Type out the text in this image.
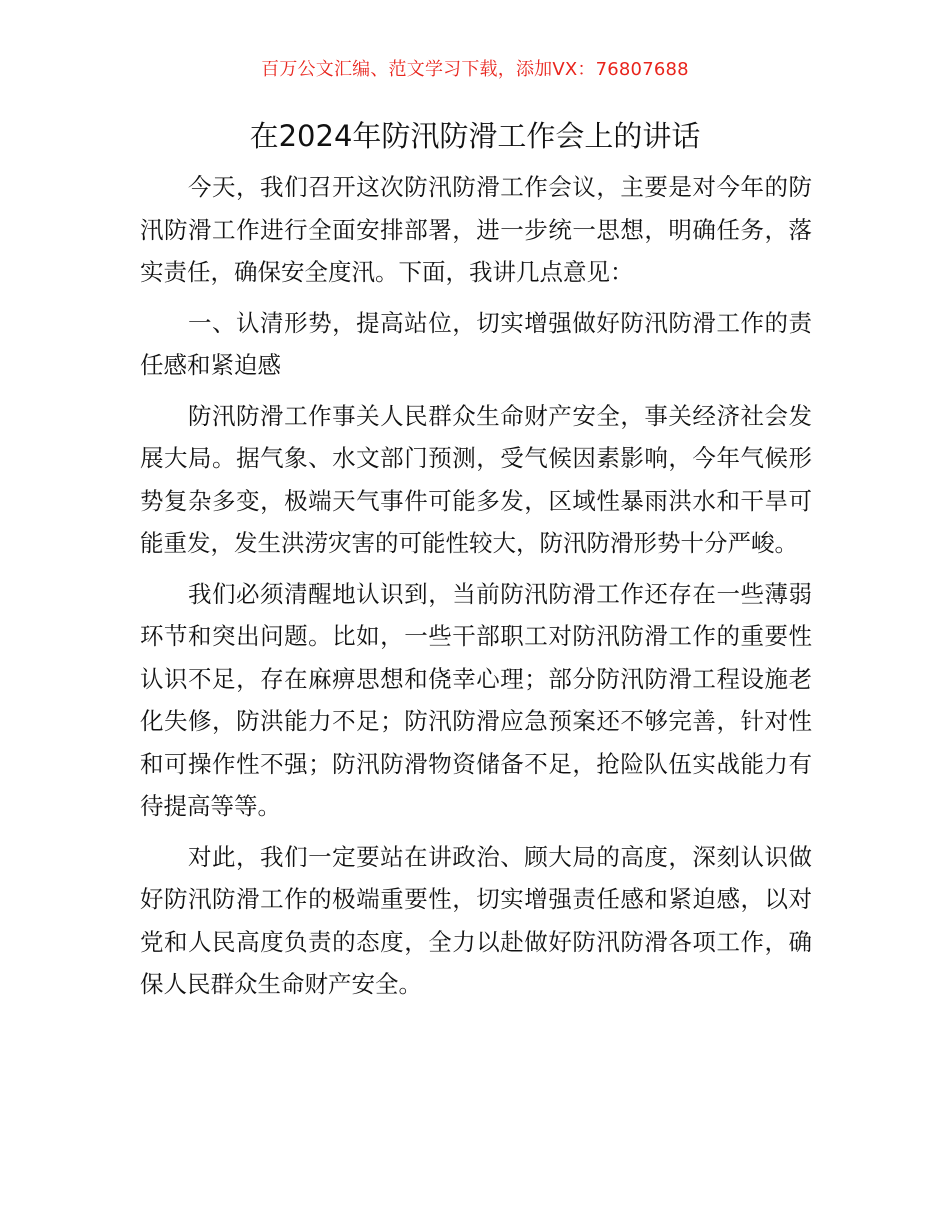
百万公文汇编、范文学习下载，添加VX：76807688
在2024年防汛防滑工作会上的讲话

今天，我们召开这次防汛防滑工作会议，主要是对今年的防汛防滑工作进行全面安排部署，进一步统一思想，明确任务，落实责任，确保安全度汛。下面，我讲几点意见：

一、认清形势，提高站位，切实增强做好防汛防滑工作的责任感和紧迫感

防汛防滑工作事关人民群众生命财产安全，事关经济社会发展大局。据气象、水文部门预测，受气候因素影响，今年气候形势复杂多变，极端天气事件可能多发，区域性暴雨洪水和干旱可能重发，发生洪涝灾害的可能性较大，防汛防滑形势十分严峻。

我们必须清醒地认识到，当前防汛防滑工作还存在一些薄弱环节和突出问题。比如，一些干部职工对防汛防滑工作的重要性认识不足，存在麻痹思想和侥幸心理；部分防汛防滑工程设施老化失修，防洪能力不足；防汛防滑应急预案还不够完善，针对性和可操作性不强；防汛防滑物资储备不足，抢险队伍实战能力有待提高等等。

对此，我们一定要站在讲政治、顾大局的高度，深刻认识做好防汛防滑工作的极端重要性，切实增强责任感和紧迫感，以对党和人民高度负责的态度，全力以赴做好防汛防滑各项工作，确保人民群众生命财产安全。
